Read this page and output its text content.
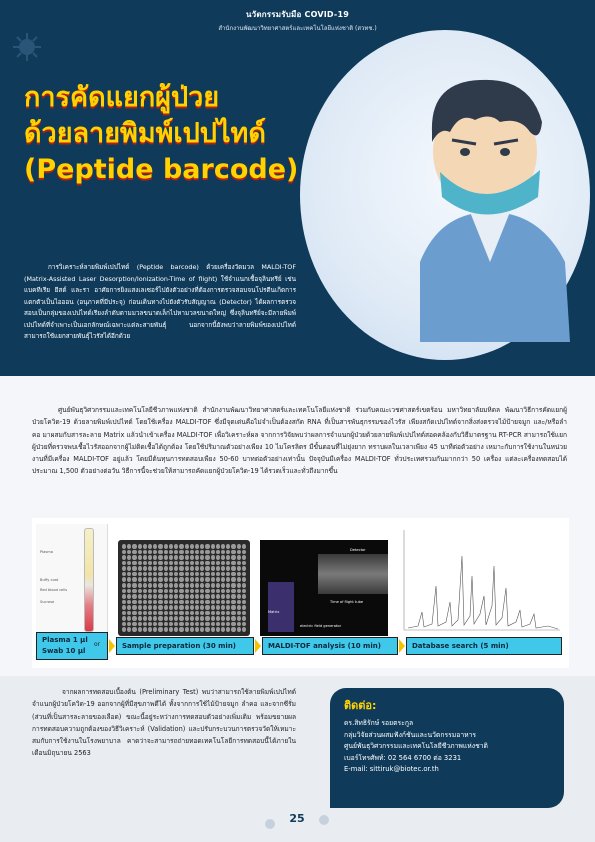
นวัตกรรมรับมือ COVID-19
สำนักงานพัฒนาวิทยาศาสตร์และเทคโนโลยีแห่งชาติ (สวทช.)
การคัดแยกผู้ป่วย
ด้วยลายพิมพ์เปปไทด์
(Peptide barcode)

การวิเคราะห์ลายพิมพ์เปปไทด์ (Peptide barcode) ด้วยเครื่องวัดมวล MALDI-TOF (Matrix-Assisted Laser Desorption/Ionization-Time of flight) ใช้จำแนกเชื้อจุลินทรีย์ เช่น แบคทีเรีย ยีสต์ และรา อาศัยการยิงแสงเลเซอร์ไปยังตัวอย่างที่ต้องการตรวจสอบจนโปรตีนเกิดการแตกตัวเป็นไอออน (อนุภาคที่มีประจุ) ก่อนเดินทางไปยังตัวรับสัญญาณ (Detector) ได้ผลการตรวจสอบเป็นกลุ่มของเปปไทด์เรียงลำดับตามมวลขนาดเล็กไปหามวลขนาดใหญ่ ซึ่งจุลินทรีย์จะมีลายพิมพ์เปปไทด์ที่จำเพาะเป็นเอกลักษณ์เฉพาะแต่ละสายพันธุ์ นอกจากนี้ยังพบว่าลายพิมพ์ของเปปไทด์สามารถใช้แยกสายพันธุ์ไวรัสได้อีกด้วย

ศูนย์พันธุวิศวกรรมและเทคโนโลยีชีวภาพแห่งชาติ สำนักงานพัฒนาวิทยาศาสตร์และเทคโนโลยีแห่งชาติ ร่วมกับคณะเวชศาสตร์เขตร้อน มหาวิทยาลัยมหิดล พัฒนาวิธีการคัดแยกผู้ป่วยโควิด-19 ด้วยลายพิมพ์เปปไทด์ โดยใช้เครื่อง MALDI-TOF ซึ่งมีจุดเด่นคือไม่จำเป็นต้องสกัด RNA ที่เป็นสารพันธุกรรมของไวรัส เพียงสกัดเปปไทด์จากสิ่งส่งตรวจไม้ป้ายจมูก และ/หรือลำคอ มาผสมกับสารละลาย Matrix แล้วนำเข้าเครื่อง MALDI-TOF เพื่อวิเคราะห์ผล จากการวิจัยพบว่าผลการจำแนกผู้ป่วยด้วยลายพิมพ์เปปไทด์สอดคล้องกับวิธีมาตรฐาน RT-PCR สามารถใช้แยกผู้ป่วยที่ตรวจพบเชื้อไวรัสออกจากผู้ไม่ติดเชื้อได้ถูกต้อง โดยใช้ปริมาณตัวอย่างเพียง 10 ไมโครลิตร มีขั้นตอนที่ไม่ยุ่งยาก ทราบผลในเวลาเพียง 45 นาทีต่อตัวอย่าง เหมาะกับการใช้งานในหน่วยงานที่มีเครื่อง MALDI-TOF อยู่แล้ว โดยมีต้นทุนการทดสอบเพียง 50-60 บาทต่อตัวอย่างเท่านั้น ปัจจุบันมีเครื่อง MALDI-TOF ทั่วประเทศรวมกันมากกว่า 50 เครื่อง แต่ละเครื่องทดสอบได้ประมาณ 1,500 ตัวอย่างต่อวัน วิธีการนี้จะช่วยให้สามารถคัดแยกผู้ป่วยโควิด-19 ได้รวดเร็วและทั่วถึงมากขึ้น

Plasma
Buffy coat
Red blood cells
Sucrose
Detector
Matrix
Time of flight tube
electric field generator
Plasma 1 μl
Swab 10 μl
or	Sample preparation (30 min)	MALDI-TOF analysis (10 min)	Database search (5 min)

จากผลการทดสอบเบื้องต้น (Preliminary Test) พบว่าสามารถใช้ลายพิมพ์เปปไทด์จำแนกผู้ป่วยโควิด-19 ออกจากผู้ที่มีสุขภาพดีได้ ทั้งจากการใช้ไม้ป้ายจมูก ลำคอ และจากซีรั่ม (ส่วนที่เป็นสารละลายของเลือด) ขณะนี้อยู่ระหว่างการทดสอบตัวอย่างเพิ่มเติม พร้อมขยายผลการทดสอบความถูกต้องของวิธีวิเคราะห์ (Validation) และปรับกระบวนการตรวจวัดให้เหมาะสมกับการใช้งานในโรงพยาบาล คาดว่าจะสามารถถ่ายทอดเทคโนโลยีการทดสอบนี้ได้ภายในเดือนมิถุนายน 2563

ติดต่อ:
ดร.สิทธิรักษ์ รอยตระกูล
กลุ่มวิจัยส่วนผสมฟังก์ชันและนวัตกรรมอาหาร
ศูนย์พันธุวิศวกรรมและเทคโนโลยีชีวภาพแห่งชาติ
เบอร์โทรศัพท์: 02 564 6700 ต่อ 3231
E-mail: sittiruk@biotec.or.th
25
